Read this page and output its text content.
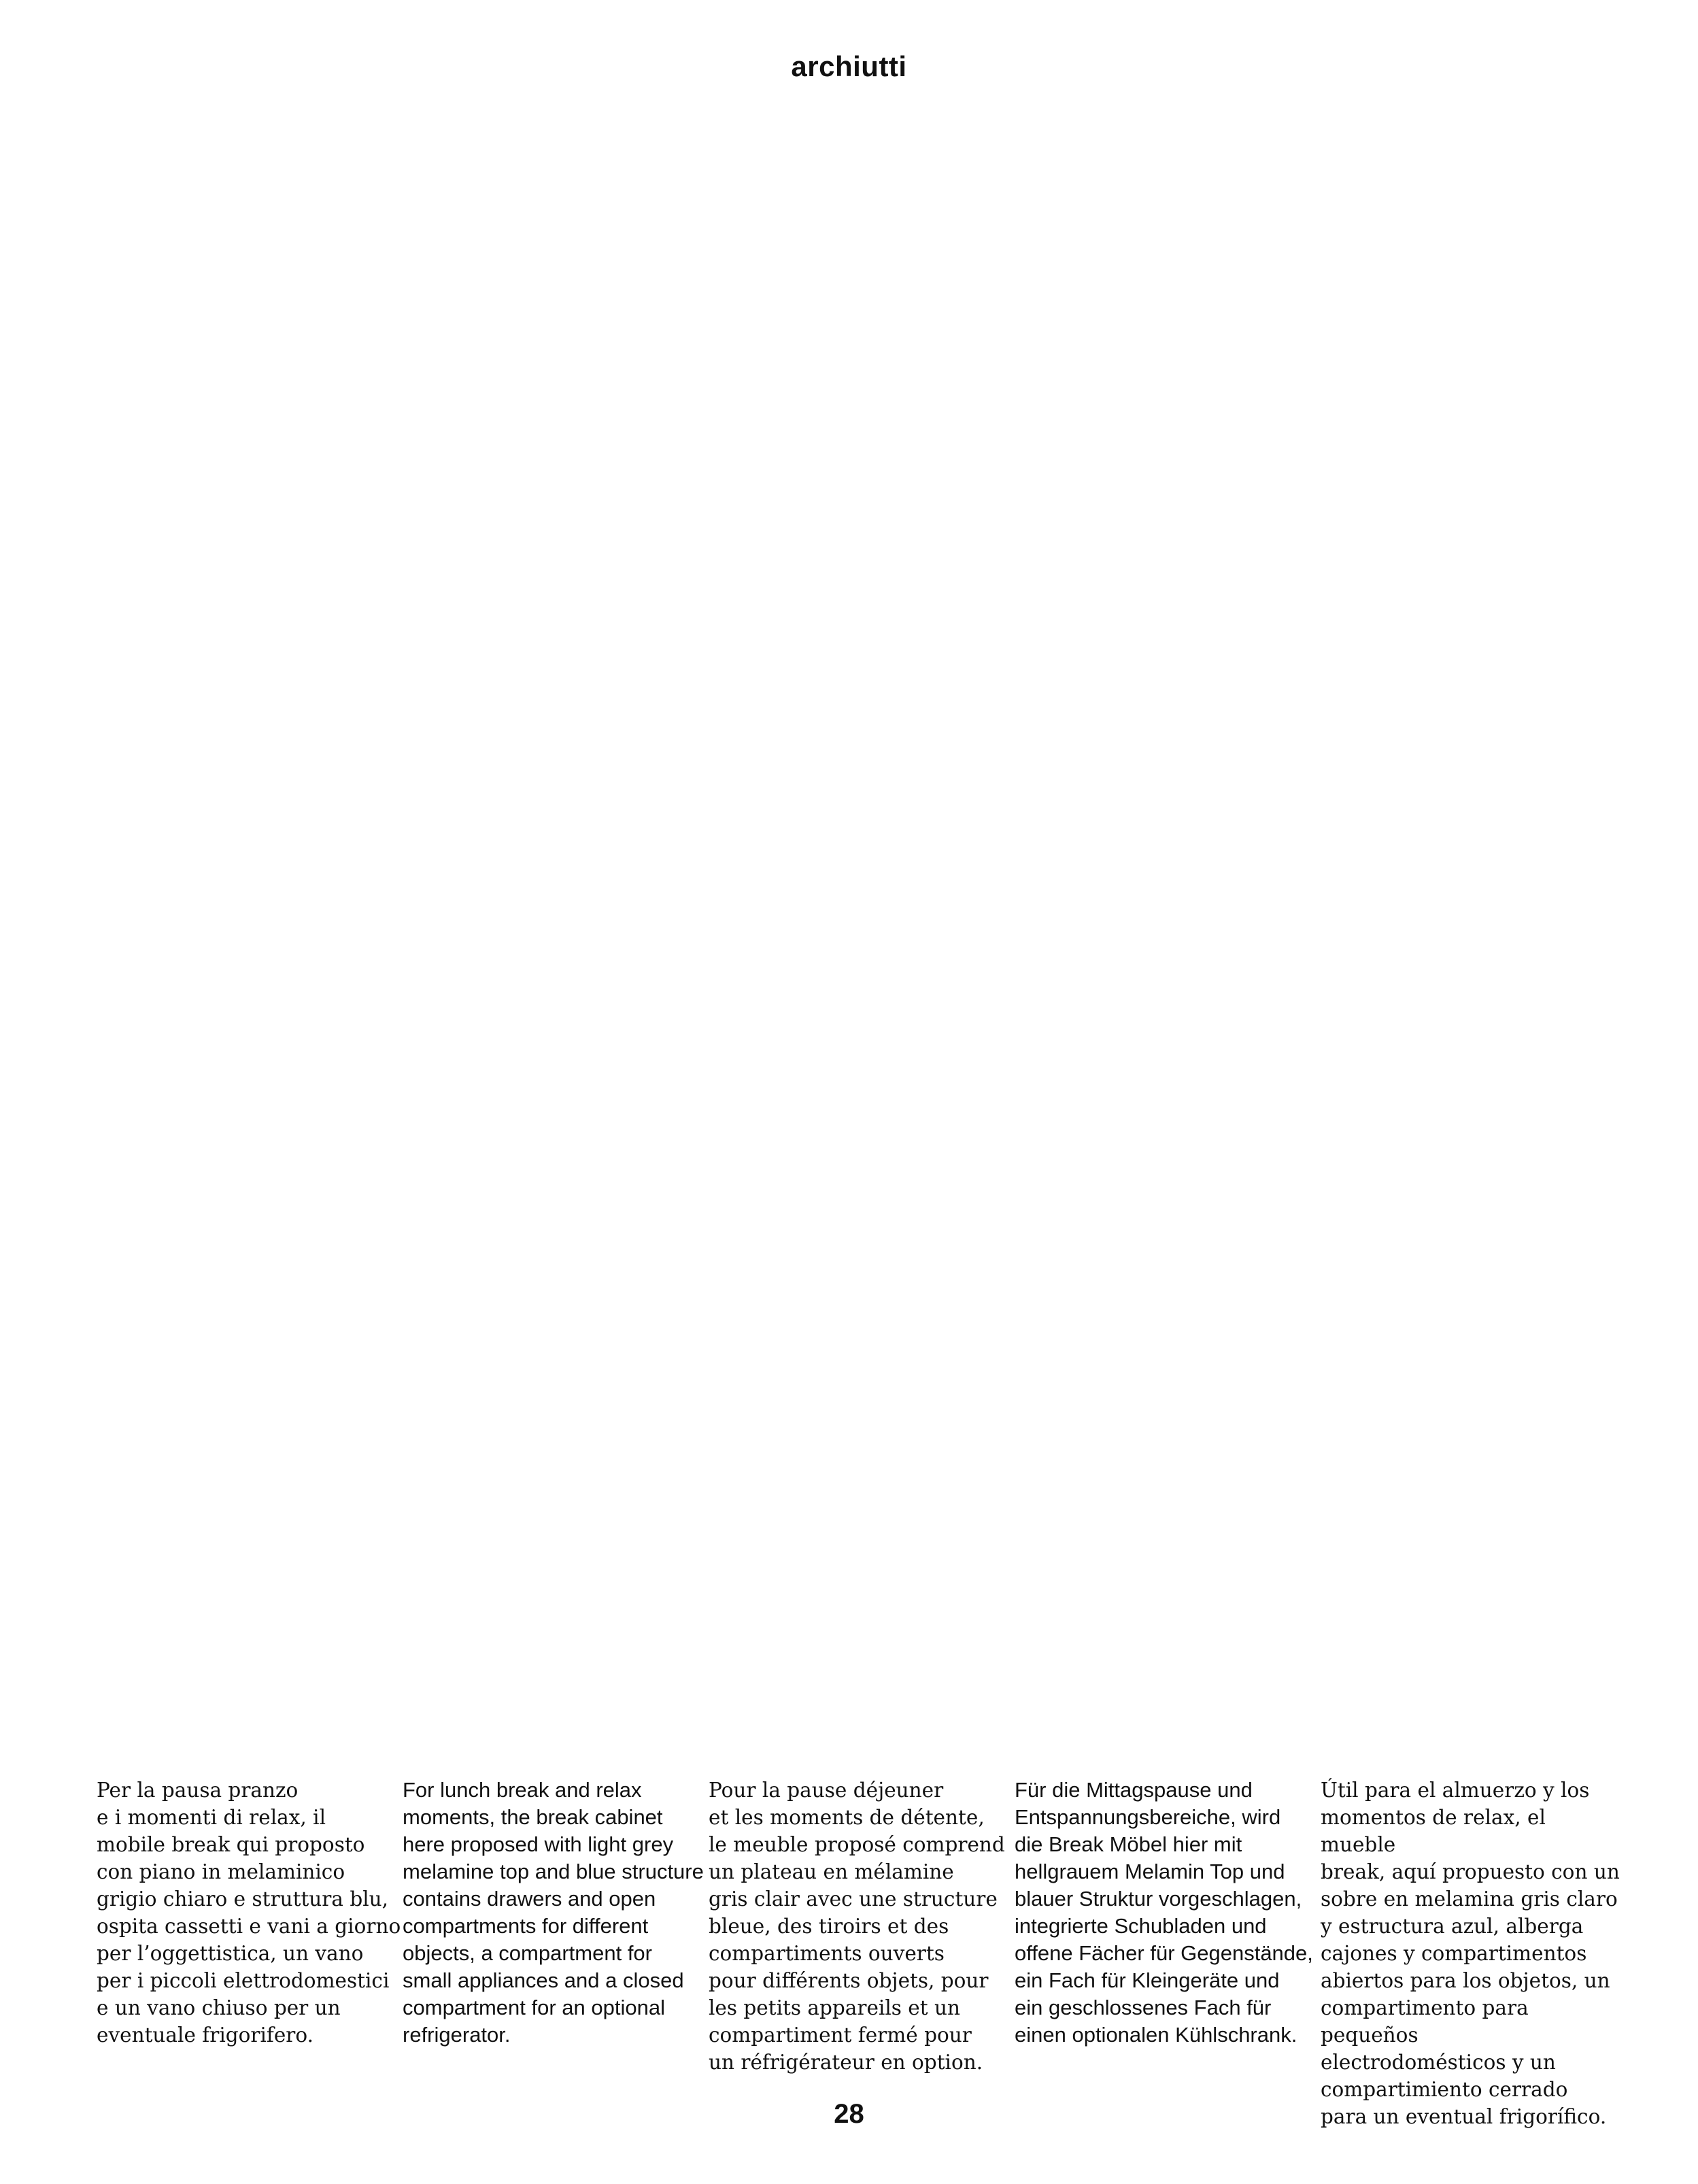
archiutti

Per la pausa pranzo
e i momenti di relax, il
mobile break qui proposto
con piano in melaminico
grigio chiaro e struttura blu,
ospita cassetti e vani a giorno
per l’oggettistica, un vano
per i piccoli elettrodomestici
e un vano chiuso per un
eventuale frigorifero.

For lunch break and relax
moments, the break cabinet
here proposed with light grey
melamine top and blue structure
contains drawers and open
compartments for different
objects, a compartment for
small appliances and a closed
compartment for an optional
refrigerator.

Pour la pause déjeuner
et les moments de détente,
le meuble proposé comprend
un plateau en mélamine
gris clair avec une structure
bleue, des tiroirs et des
compartiments ouverts
pour différents objets, pour
les petits appareils et un
compartiment fermé pour
un réfrigérateur en option.

Für die Mittagspause und
Entspannungsbereiche, wird
die Break Möbel hier mit
hellgrauem Melamin Top und
blauer Struktur vorgeschlagen,
integrierte Schubladen und
offene Fächer für Gegenstände,
ein Fach für Kleingeräte und
ein geschlossenes Fach für
einen optionalen Kühlschrank.

Útil para el almuerzo y los
momentos de relax, el mueble
break, aquí propuesto con un
sobre en melamina gris claro
y estructura azul, alberga
cajones y compartimentos
abiertos para los objetos, un
compartimento para pequeños
electrodomésticos y un
compartimiento cerrado
para un eventual frigorífico.

28
